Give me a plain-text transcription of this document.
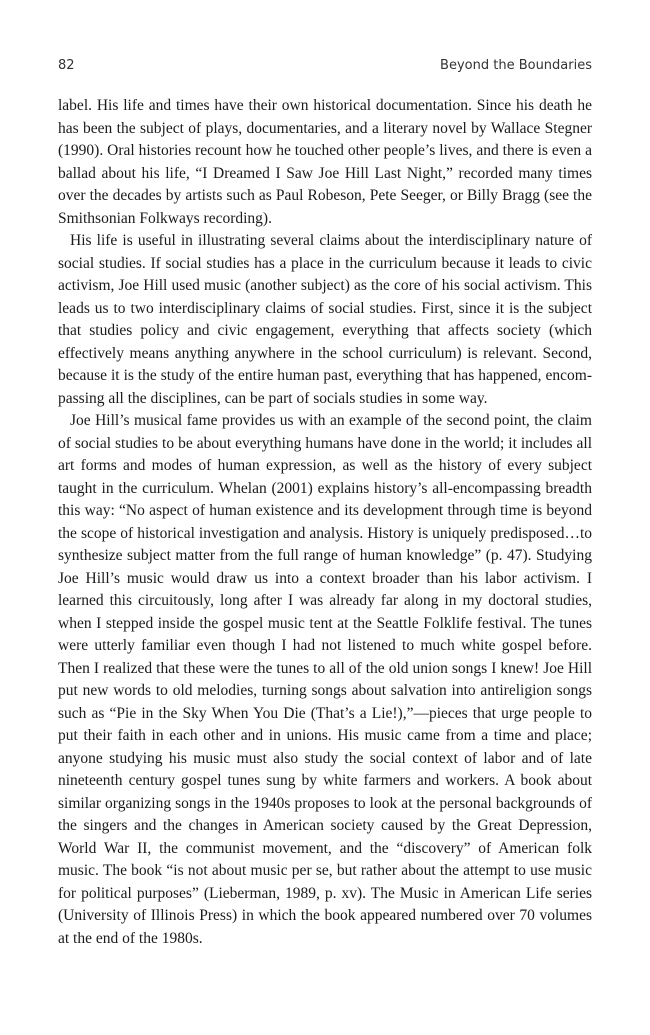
82	Beyond the Boundaries

label. His life and times have their own historical documentation. Since his death he has been the subject of plays, documentaries, and a literary novel by Wallace Stegner (1990). Oral histories recount how he touched other people’s lives, and there is even a ballad about his life, “I Dreamed I Saw Joe Hill Last Night,” recorded many times over the decades by artists such as Paul Robeson, Pete Seeger, or Billy Bragg (see the Smithsonian Folkways recording).

His life is useful in illustrating several claims about the interdisciplinary nature of social studies. If social studies has a place in the curriculum because it leads to civic activism, Joe Hill used music (another subject) as the core of his social activism. This leads us to two interdisciplinary claims of social studies. First, since it is the subject that studies policy and civic engagement, everything that affects society (which effectively means anything anywhere in the school curriculum) is relevant. Second, because it is the study of the entire human past, everything that has happened, encompassing all the disciplines, can be part of socials studies in some way.

Joe Hill’s musical fame provides us with an example of the second point, the claim of social studies to be about everything humans have done in the world; it includes all art forms and modes of human expression, as well as the history of every subject taught in the curriculum. Whelan (2001) explains history’s all-encompassing breadth this way: “No aspect of human existence and its development through time is beyond the scope of historical investigation and analysis. History is uniquely predisposed…to synthesize subject matter from the full range of human knowledge” (p. 47). Studying Joe Hill’s music would draw us into a context broader than his labor activism. I learned this circuitously, long after I was already far along in my doctoral studies, when I stepped inside the gospel music tent at the Seattle Folklife festival. The tunes were utterly familiar even though I had not listened to much white gospel before. Then I realized that these were the tunes to all of the old union songs I knew! Joe Hill put new words to old melodies, turning songs about salvation into antireligion songs such as “Pie in the Sky When You Die (That’s a Lie!),”—pieces that urge people to put their faith in each other and in unions. His music came from a time and place; anyone studying his music must also study the social context of labor and of late nineteenth century gospel tunes sung by white farmers and workers. A book about similar organizing songs in the 1940s proposes to look at the personal backgrounds of the singers and the changes in American society caused by the Great Depression, World War II, the communist movement, and the “discovery” of American folk music. The book “is not about music per se, but rather about the attempt to use music for political purposes” (Lieberman, 1989, p. xv). The Music in American Life series (University of Illinois Press) in which the book appeared numbered over 70 volumes at the end of the 1980s.
